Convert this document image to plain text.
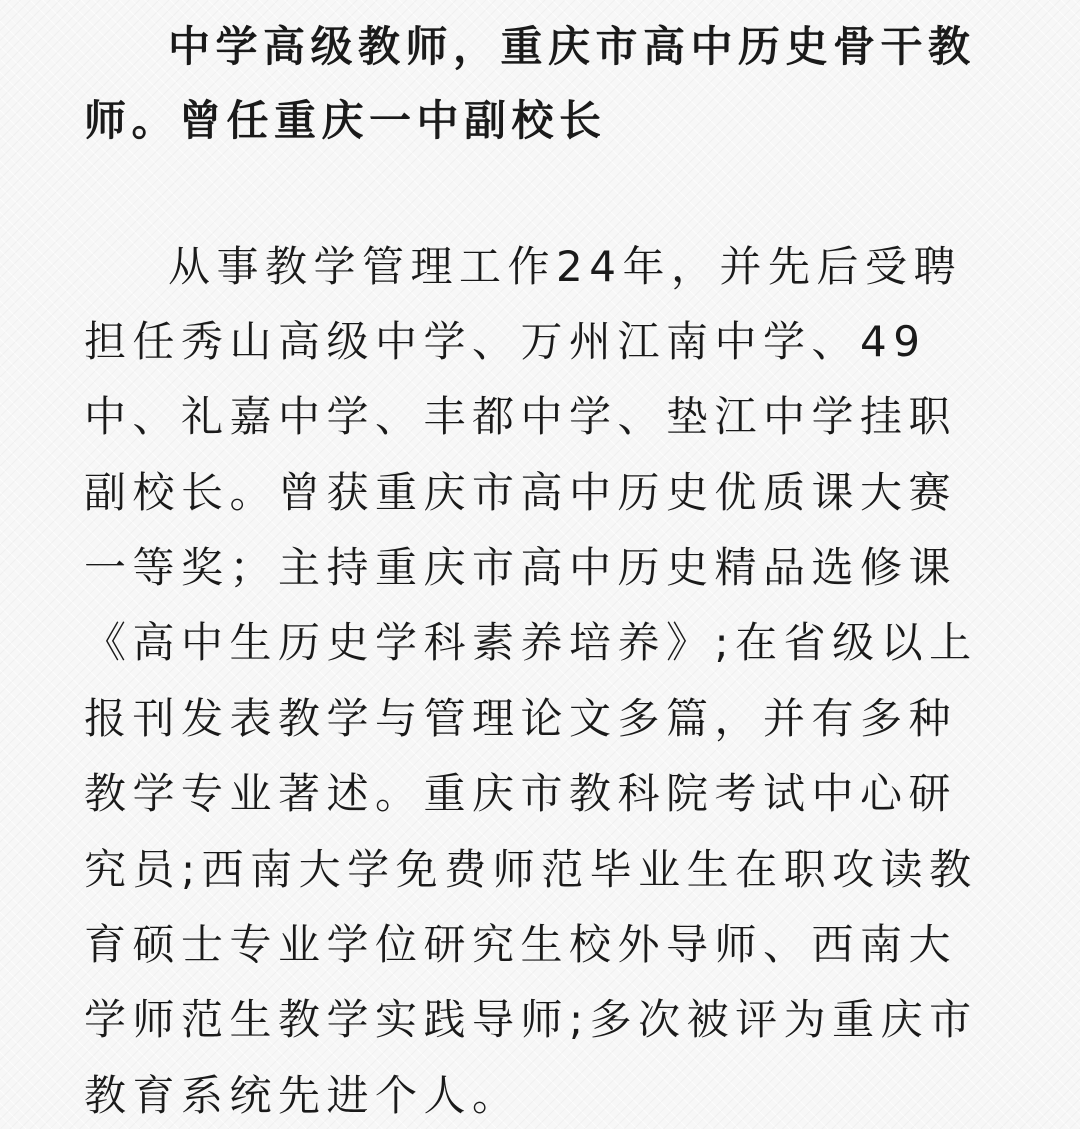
中学高级教师，重庆市高中历史骨干教

师。曾任重庆一中副校长

从事教学管理工作24年，并先后受聘

担任秀山高级中学、万州江南中学、49

中、礼嘉中学、丰都中学、垫江中学挂职

副校长。曾获重庆市高中历史优质课大赛

一等奖；主持重庆市高中历史精品选修课

《高中生历史学科素养培养》;在省级以上

报刊发表教学与管理论文多篇，并有多种

教学专业著述。重庆市教科院考试中心研

究员;西南大学免费师范毕业生在职攻读教

育硕士专业学位研究生校外导师、西南大

学师范生教学实践导师;多次被评为重庆市

教育系统先进个人。
